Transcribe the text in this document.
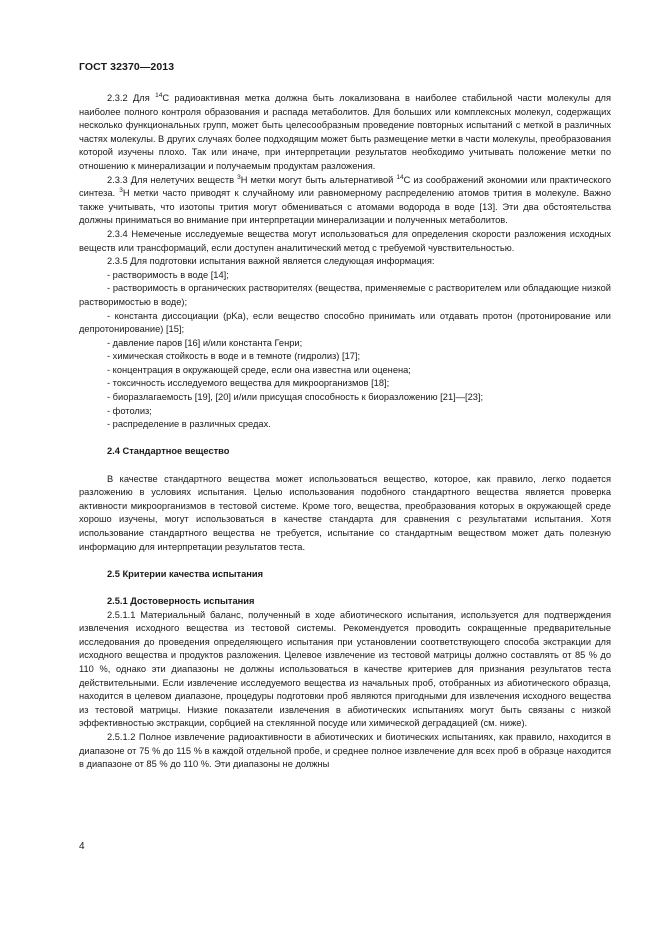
ГОСТ 32370—2013

2.3.2 Для $^{14}$C радиоактивная метка должна быть локализована в наиболее стабильной части молекулы для наиболее полного контроля образования и распада метаболитов. Для больших или комплексных молекул, содержащих несколько функциональных групп, может быть целесообразным проведение повторных испытаний с меткой в различных частях молекулы. В других случаях более подходящим может быть размещение метки в части молекулы, преобразования которой изучены плохо. Так или иначе, при интерпретации результатов необходимо учитывать положение метки по отношению к минерализации и получаемым продуктам разложения.

2.3.3 Для нелетучих веществ $^3$H метки могут быть альтернативой $^{14}$C из соображений экономии или практического синтеза. $^3$H метки часто приводят к случайному или равномерному распределению атомов трития в молекуле. Важно также учитывать, что изотопы трития могут обмениваться с атомами водорода в воде [13]. Эти два обстоятельства должны приниматься во внимание при интерпретации минерализации и полученных метаболитов.

2.3.4 Немеченые исследуемые вещества могут использоваться для определения скорости разложения исходных веществ или трансформаций, если доступен аналитический метод с требуемой чувствительностью.

2.3.5 Для подготовки испытания важной является следующая информация:

- растворимость в воде [14];

- растворимость в органических растворителях (вещества, применяемые с растворителем или обладающие низкой растворимостью в воде);

- константа диссоциации (pKa), если вещество способно принимать или отдавать протон (протонирование или депротонирование) [15];

- давление паров [16] и/или константа Генри;

- химическая стойкость в воде и в темноте (гидролиз) [17];

- концентрация в окружающей среде, если она известна или оценена;

- токсичность исследуемого вещества для микроорганизмов [18];

- биоразлагаемость [19], [20] и/или присущая способность к биоразложению [21]—[23];

- фотолиз;

- распределение в различных средах.

2.4 Стандартное вещество

В качестве стандартного вещества может использоваться вещество, которое, как правило, легко подается разложению в условиях испытания. Целью использования подобного стандартного вещества является проверка активности микроорганизмов в тестовой системе. Кроме того, вещества, преобразования которых в окружающей среде хорошо изучены, могут использоваться в качестве стандарта для сравнения с результатами испытания. Хотя использование стандартного вещества не требуется, испытание со стандартным веществом может дать полезную информацию для интерпретации результатов теста.

2.5 Критерии качества испытания

2.5.1 Достоверность испытания

2.5.1.1 Материальный баланс, полученный в ходе абиотического испытания, используется для подтверждения извлечения исходного вещества из тестовой системы. Рекомендуется проводить сокращенные предварительные исследования до проведения определяющего испытания при установлении соответствующего способа экстракции для исходного вещества и продуктов разложения. Целевое извлечение из тестовой матрицы должно составлять от 85 % до 110 %, однако эти диапазоны не должны использоваться в качестве критериев для признания результатов теста действительными. Если извлечение исследуемого вещества из начальных проб, отобранных из абиотического образца, находится в целевом диапазоне, процедуры подготовки проб являются пригодными для извлечения исходного вещества из тестовой матрицы. Низкие показатели извлечения в абиотических испытаниях могут быть связаны с низкой эффективностью экстракции, сорбцией на стеклянной посуде или химической деградацией (см. ниже).

2.5.1.2 Полное извлечение радиоактивности в абиотических и биотических испытаниях, как правило, находится в диапазоне от 75 % до 115 % в каждой отдельной пробе, и среднее полное извлечение для всех проб в образце находится в диапазоне от 85 % до 110 %. Эти диапазоны не должны

4
